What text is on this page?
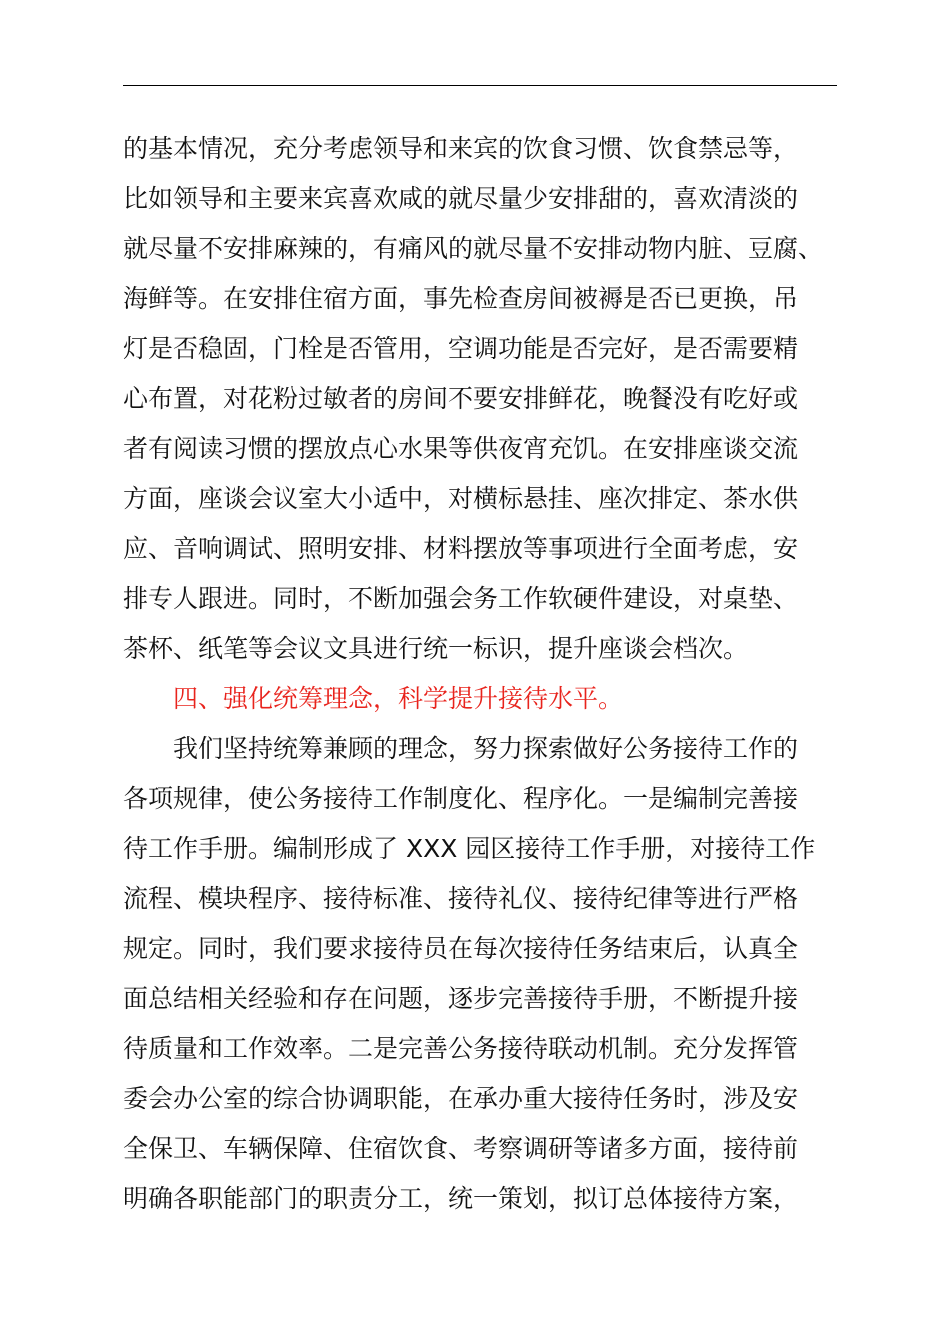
的基本情况，充分考虑领导和来宾的饮食习惯、饮食禁忌等，
比如领导和主要来宾喜欢咸的就尽量少安排甜的，喜欢清淡的
就尽量不安排麻辣的，有痛风的就尽量不安排动物内脏、豆腐、
海鲜等。在安排住宿方面，事先检查房间被褥是否已更换，吊
灯是否稳固，门栓是否管用，空调功能是否完好，是否需要精
心布置，对花粉过敏者的房间不要安排鲜花，晚餐没有吃好或
者有阅读习惯的摆放点心水果等供夜宵充饥。在安排座谈交流
方面，座谈会议室大小适中，对横标悬挂、座次排定、茶水供
应、音响调试、照明安排、材料摆放等事项进行全面考虑，安
排专人跟进。同时，不断加强会务工作软硬件建设，对桌垫、
茶杯、纸笔等会议文具进行统一标识，提升座谈会档次。
四、强化统筹理念，科学提升接待水平。
我们坚持统筹兼顾的理念，努力探索做好公务接待工作的
各项规律，使公务接待工作制度化、程序化。一是编制完善接
待工作手册。编制形成了 XXX 园区接待工作手册，对接待工作
流程、模块程序、接待标准、接待礼仪、接待纪律等进行严格
规定。同时，我们要求接待员在每次接待任务结束后，认真全
面总结相关经验和存在问题，逐步完善接待手册，不断提升接
待质量和工作效率。二是完善公务接待联动机制。充分发挥管
委会办公室的综合协调职能，在承办重大接待任务时，涉及安
全保卫、车辆保障、住宿饮食、考察调研等诸多方面，接待前
明确各职能部门的职责分工，统一策划，拟订总体接待方案，
